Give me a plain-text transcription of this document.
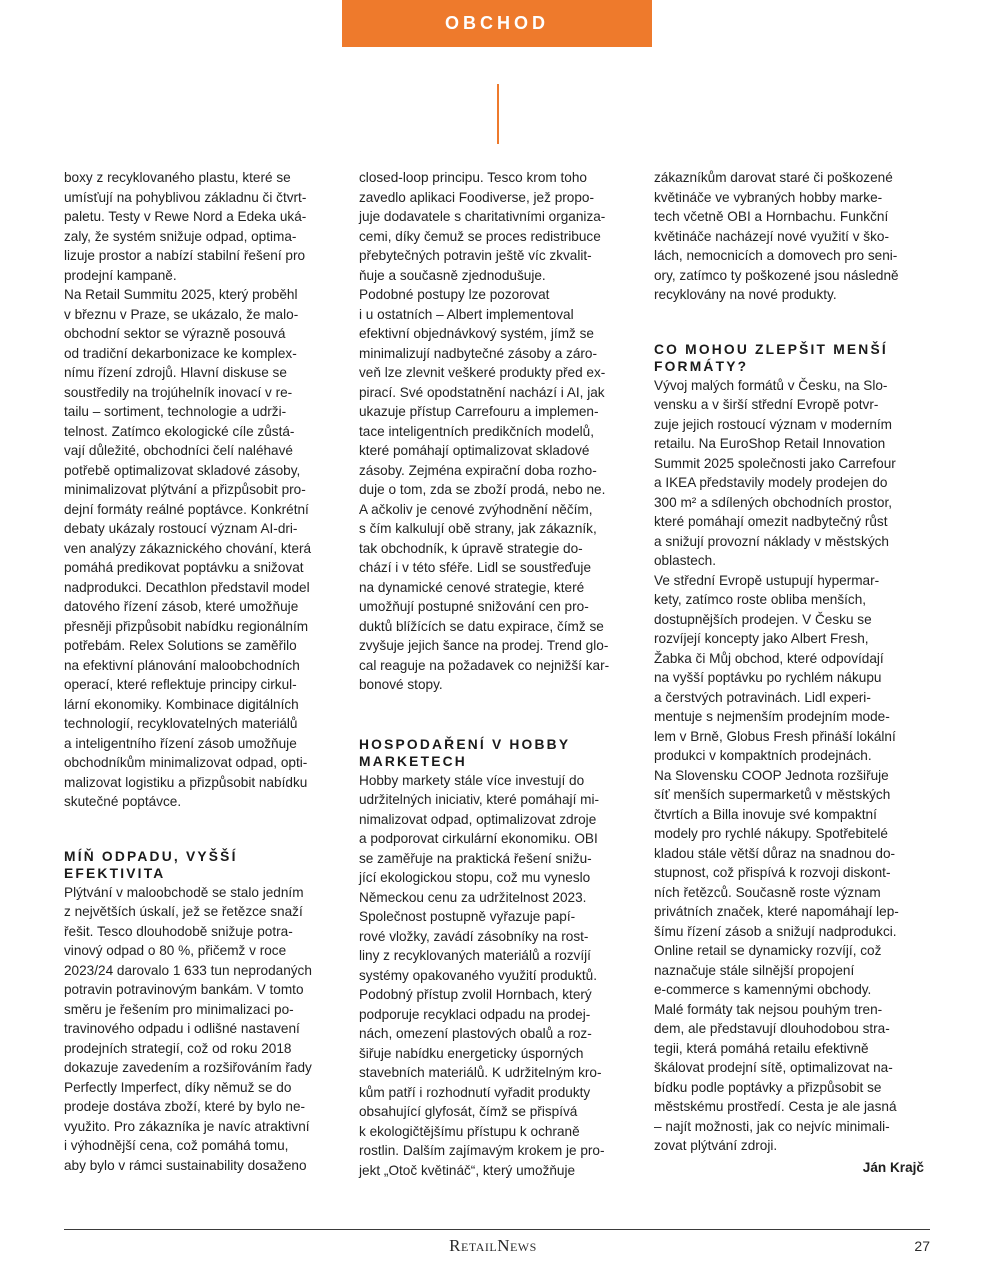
OBCHOD

boxy z recyklovaného plastu, které se
umísťují na pohyblivou základnu či čtvrt-
paletu. Testy v Rewe Nord a Edeka uká-
zaly, že systém snižuje odpad, optima-
lizuje prostor a nabízí stabilní řešení pro
prodejní kampaně.

Na Retail Summitu 2025, který proběhl
v březnu v Praze, se ukázalo, že malo-
obchodní sektor se výrazně posouvá
od tradiční dekarbonizace ke komplex-
nímu řízení zdrojů. Hlavní diskuse se
soustředily na trojúhelník inovací v re-
tailu – sortiment, technologie a udrži-
telnost. Zatímco ekologické cíle zůstá-
vají důležité, obchodníci čelí naléhavé
potřebě optimalizovat skladové zásoby,
minimalizovat plýtvání a přizpůsobit pro-
dejní formáty reálné poptávce. Konkrétní
debaty ukázaly rostoucí význam AI-dri-
ven analýzy zákaznického chování, která
pomáhá predikovat poptávku a snižovat
nadprodukci. Decathlon představil model
datového řízení zásob, které umožňuje
přesněji přizpůsobit nabídku regionálním
potřebám. Relex Solutions se zaměřilo
na efektivní plánování maloobchodních
operací, které reflektuje principy cirkul-
lární ekonomiky. Kombinace digitálních
technologií, recyklovatelných materiálů
a inteligentního řízení zásob umožňuje
obchodníkům minimalizovat odpad, opti-
malizovat logistiku a přizpůsobit nabídku
skutečné poptávce.

MÍŇ ODPADU, VYŠŠÍ
EFEKTIVITA

Plýtvání v maloobchodě se stalo jedním
z největších úskalí, jež se řetězce snaží
řešit. Tesco dlouhodobě snižuje potra-
vinový odpad o 80 %, přičemž v roce
2023/24 darovalo 1 633 tun neprodaných
potravin potravinovým bankám. V tomto
směru je řešením pro minimalizaci po-
travinového odpadu i odlišné nastavení
prodejních strategií, což od roku 2018
dokazuje zavedením a rozšiřováním řady
Perfectly Imperfect, díky němuž se do
prodeje dostáva zboží, které by bylo ne-
využito. Pro zákazníka je navíc atraktivní
i výhodnější cena, což pomáhá tomu,
aby bylo v rámci sustainability dosaženo

closed-loop principu. Tesco krom toho
zavedlo aplikaci Foodiverse, jež propo-
juje dodavatele s charitativními organiza-
cemi, díky čemuž se proces redistribuce
přebytečných potravin ještě víc zkvalit-
ňuje a současně zjednodušuje.

Podobné postupy lze pozorovat
i u ostatních – Albert implementoval
efektivní objednávkový systém, jímž se
minimalizují nadbytečné zásoby a záro-
veň lze zlevnit veškeré produkty před ex-
pirací. Své opodstatnění nachází i AI, jak
ukazuje přístup Carrefouru a implemen-
tace inteligentních predikčních modelů,
které pomáhají optimalizovat skladové
zásoby. Zejména expirační doba rozho-
duje o tom, zda se zboží prodá, nebo ne.
A ačkoliv je cenové zvýhodnění něčím,
s čím kalkulují obě strany, jak zákazník,
tak obchodník, k úpravě strategie do-
chází i v této sféře. Lidl se soustřeďuje
na dynamické cenové strategie, které
umožňují postupné snižování cen pro-
duktů blížících se datu expirace, čímž se
zvyšuje jejich šance na prodej. Trend glo-
cal reaguje na požadavek co nejnižší kar-
bonové stopy.

HOSPODAŘENÍ V HOBBY
MARKETECH

Hobby markety stále více investují do
udržitelných iniciativ, které pomáhají mi-
nimalizovat odpad, optimalizovat zdroje
a podporovat cirkulární ekonomiku. OBI
se zaměřuje na praktická řešení snižu-
jící ekologickou stopu, což mu vyneslo
Německou cenu za udržitelnost 2023.
Společnost postupně vyřazuje papí-
rové vložky, zavádí zásobníky na rost-
liny z recyklovaných materiálů a rozvíjí
systémy opakovaného využití produktů.
Podobný přístup zvolil Hornbach, který
podporuje recyklaci odpadu na prodej-
nách, omezení plastových obalů a roz-
šiřuje nabídku energeticky úsporných
stavebních materiálů. K udržitelným kro-
kům patří i rozhodnutí vyřadit produkty
obsahující glyfosát, čímž se přispívá
k ekologičtějšímu přístupu k ochraně
rostlin. Dalším zajímavým krokem je pro-
jekt „Otoč květináč“, který umožňuje

zákazníkům darovat staré či poškozené
květináče ve vybraných hobby marke-
tech včetně OBI a Hornbachu. Funkční
květináče nacházejí nové využití v ško-
lách, nemocnicích a domovech pro seni-
ory, zatímco ty poškozené jsou následně
recyklovány na nové produkty.

CO MOHOU ZLEPŠIT MENŠÍ
FORMÁTY?

Vývoj malých formátů v Česku, na Slo-
vensku a v širší střední Evropě potvr-
zuje jejich rostoucí význam v moderním
retailu. Na EuroShop Retail Innovation
Summit 2025 společnosti jako Carrefour
a IKEA představily modely prodejen do
300 m² a sdílených obchodních prostor,
které pomáhají omezit nadbytečný růst
a snižují provozní náklady v městských
oblastech.

Ve střední Evropě ustupují hypermar-
kety, zatímco roste obliba menších,
dostupnějších prodejen. V Česku se
rozvíjejí koncepty jako Albert Fresh,
Žabka či Můj obchod, které odpovídají
na vyšší poptávku po rychlém nákupu
a čerstvých potravinách. Lidl experi-
mentuje s nejmenším prodejním mode-
lem v Brně, Globus Fresh přináší lokální
produkci v kompaktních prodejnách.
Na Slovensku COOP Jednota rozšiřuje
síť menších supermarketů v městských
čtvrtích a Billa inovuje své kompaktní
modely pro rychlé nákupy. Spotřebitelé
kladou stále větší důraz na snadnou do-
stupnost, což přispívá k rozvoji diskont-
ních řetězců. Současně roste význam
privátních značek, které napomáhají lep-
šímu řízení zásob a snižují nadprodukci.
Online retail se dynamicky rozvíjí, což
naznačuje stále silnější propojení
e-commerce s kamennými obchody.
Malé formáty tak nejsou pouhým tren-
dem, ale představují dlouhodobou stra-
tegii, která pomáhá retailu efektivně
škálovat prodejní sítě, optimalizovat na-
bídku podle poptávky a přizpůsobit se
městskému prostředí. Cesta je ale jasná
– najít možnosti, jak co nejvíc minimali-
zovat plýtvání zdroji.

Ján Krajč
RetailNews	27
